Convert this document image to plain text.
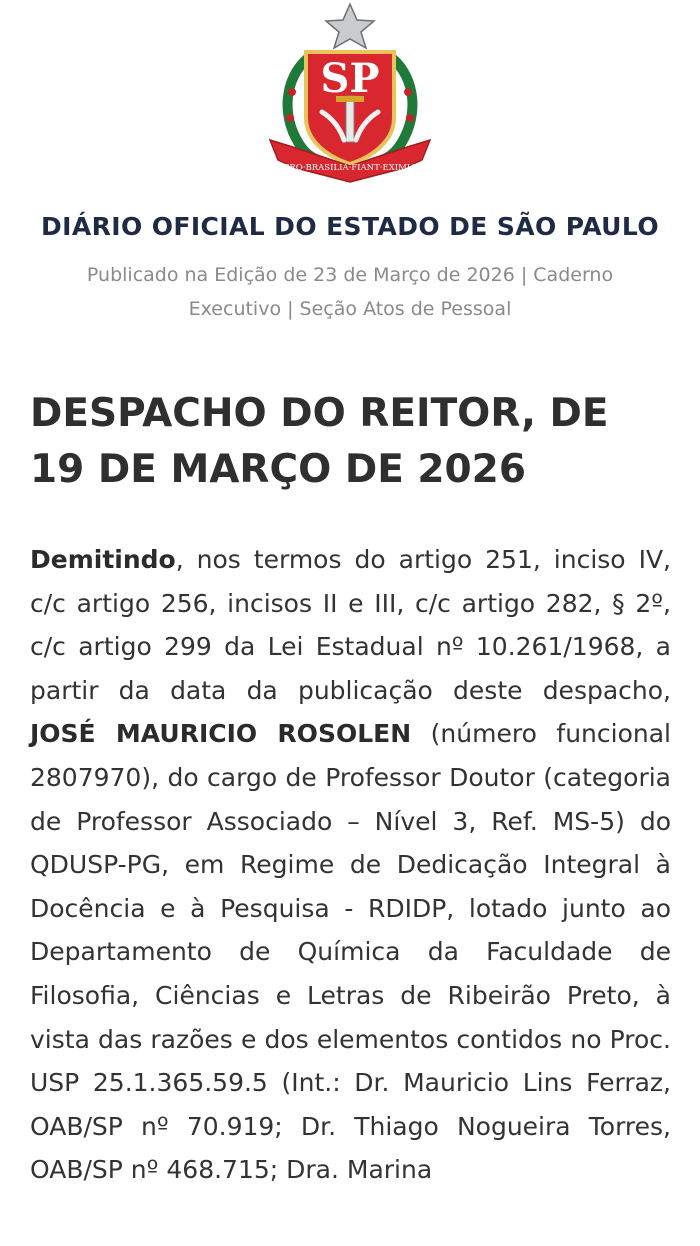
SP
PRO·BRASILIA·FIANT·EXIMIA
DIÁRIO OFICIAL DO ESTADO DE SÃO PAULO
Publicado na Edição de 23 de Março de 2026 | Caderno Executivo | Seção Atos de Pessoal
DESPACHO DO REITOR, DE 19 DE MARÇO DE 2026

Demitindo, nos termos do artigo 251, inciso IV, c/c artigo 256, incisos II e III, c/c artigo 282, § 2º, c/c artigo 299 da Lei Estadual nº 10.261/1968, a partir da data da publicação deste despacho, JOSÉ MAURICIO ROSOLEN (número funcional 2807970), do cargo de Professor Doutor (categoria de Professor Associado – Nível 3, Ref. MS-5) do QDUSP-PG, em Regime de Dedicação Integral à Docência e à Pesquisa - RDIDP, lotado junto ao Departamento de Química da Faculdade de Filosofia, Ciências e Letras de Ribeirão Preto, à vista das razões e dos elementos contidos no Proc. USP 25.1.365.59.5 (Int.: Dr. Mauricio Lins Ferraz, OAB/SP nº 70.919; Dr. Thiago Nogueira Torres, OAB/SP nº 468.715; Dra. Marina
